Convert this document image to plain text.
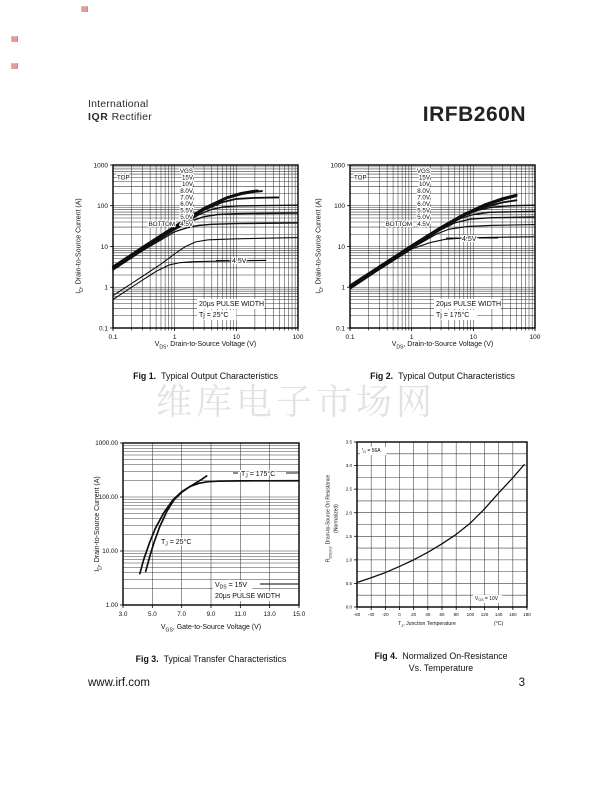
▤
▤
▤
International
IQR Rectifier	IRFB260N
维库电子市场网
0.1	1	10	100
0.1
1
10
100
1000
VGS
15V
TOP
10V
8.0V
7.0V
6.0V
5.5V
5.0V
4.5V
BOTTOM
20µs PULSE WIDTH
Tj = 25°C
4.5V
$I_D$, Drain-to-Source Current (A)
$V_{DS}$, Drain-to-Source Voltage (V)
Fig 1. Typical Output Characteristics
0.1	1	10	100
0.1
1
10
100
1000
VGS
15V
TOP
10V
8.0V
7.0V
6.0V
5.5V
5.0V
4.5V
BOTTOM
20µs PULSE WIDTH
Tj = 175°C
4.5V
$I_D$, Drain-to-Source Current (A)
$V_{DS}$, Drain-to-Source Voltage (V)
Fig 2. Typical Output Characteristics
3.0	5.0	7.0	9.0	11.0	13.0	15.0
1.00
10.00
100.00
1000.00
$T_J = 175^\circ C$
$T_J = 25^\circ C$
$V_{DS} = 15V$
20µs PULSE WIDTH
$I_D$, Drain-to-Source Current (A)
$V_{GS}$, Gate-to-Source Voltage (V)
Fig 3. Typical Transfer Characteristics
-60 -40 -20 0 20 40 60 80 100 120 140 160 180
0.0
0.5
1.0
1.5
2.0
2.5
3.0
3.5
$I_D = 56A$
$V_{GS} = 10V$
$R_{DS(on)}$, Drain-to-Source On Resistance (Normalized)
$T_J$, Junction Temperature	(°C)
Fig 4. Normalized On-Resistance
Vs. Temperature
www.irf.com	3
